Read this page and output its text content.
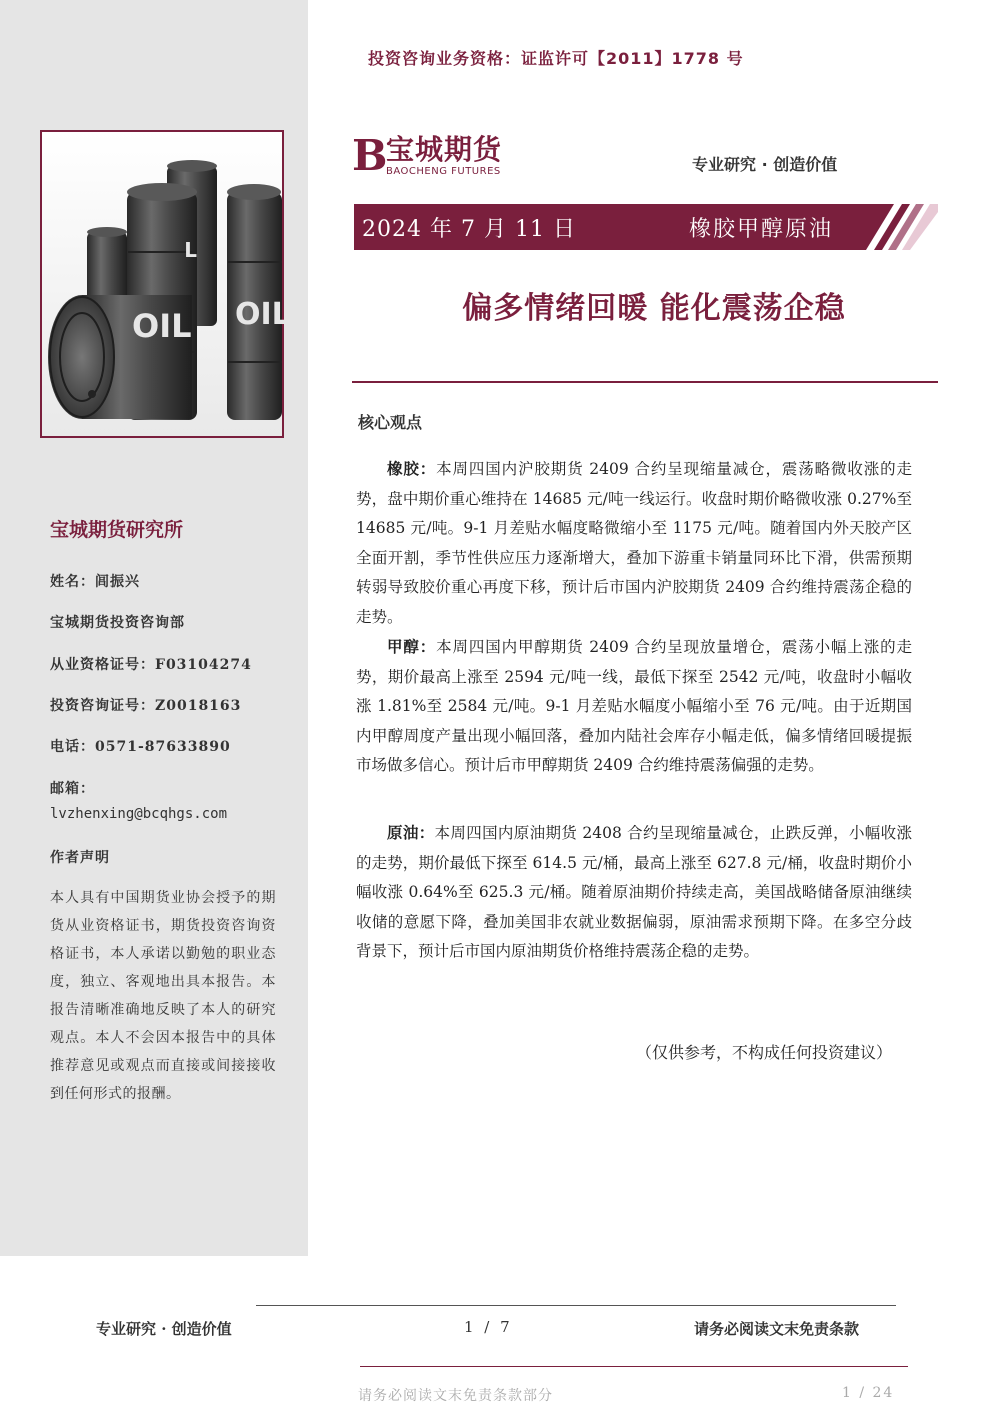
投资咨询业务资格：证监许可【2011】1778 号
L
OIL
OIL
B
宝城期货
BAOCHENG FUTURES	专业研究 · 创造价值
2024 年 7 月 11 日	橡胶甲醇原油
偏多情绪回暖 能化震荡企稳
核心观点
橡胶：本周四国内沪胶期货 2409 合约呈现缩量减仓，震荡略微收涨的走势，盘中期价重心维持在 14685 元/吨一线运行。收盘时期价略微收涨 0.27%至 14685 元/吨。9-1 月差贴水幅度略微缩小至 1175 元/吨。随着国内外天胶产区全面开割，季节性供应压力逐渐增大，叠加下游重卡销量同环比下滑，供需预期转弱导致胶价重心再度下移，预计后市国内沪胶期货 2409 合约维持震荡企稳的走势。
甲醇：本周四国内甲醇期货 2409 合约呈现放量增仓，震荡小幅上涨的走势，期价最高上涨至 2594 元/吨一线，最低下探至 2542 元/吨，收盘时小幅收涨 1.81%至 2584 元/吨。9-1 月差贴水幅度小幅缩小至 76 元/吨。由于近期国内甲醇周度产量出现小幅回落，叠加内陆社会库存小幅走低，偏多情绪回暖提振市场做多信心。预计后市甲醇期货 2409 合约维持震荡偏强的走势。
原油：本周四国内原油期货 2408 合约呈现缩量减仓，止跌反弹，小幅收涨的走势，期价最低下探至 614.5 元/桶，最高上涨至 627.8 元/桶，收盘时期价小幅收涨 0.64%至 625.3 元/桶。随着原油期价持续走高，美国战略储备原油继续收储的意愿下降，叠加美国非农就业数据偏弱，原油需求预期下降。在多空分歧背景下，预计后市国内原油期货价格维持震荡企稳的走势。
（仅供参考，不构成任何投资建议）
宝城期货研究所
姓名：闾振兴
宝城期货投资咨询部
从业资格证号：F03104274
投资咨询证号：Z0018163
电话：0571-87633890
邮箱：
lvzhenxing@bcqhgs.com
作者声明
本人具有中国期货业协会授予的期货从业资格证书，期货投资咨询资格证书，本人承诺以勤勉的职业态度，独立、客观地出具本报告。本报告清晰准确地反映了本人的研究观点。本人不会因本报告中的具体推荐意见或观点而直接或间接接收到任何形式的报酬。
专业研究 · 创造价值	1 / 7	请务必阅读文末免责条款
请务必阅读文末免责条款部分	1 / 24
